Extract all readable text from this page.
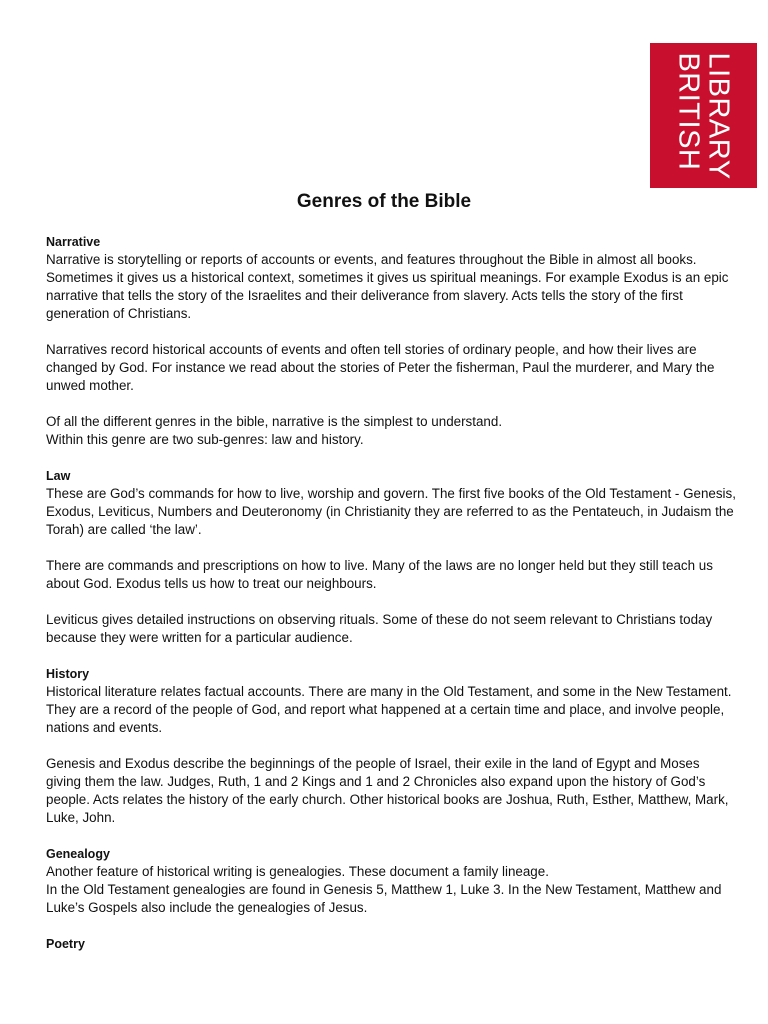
LIBRARY
BRITISH
Genres of the Bible

Narrative

Narrative is storytelling or reports of accounts or events, and features throughout the Bible in almost all books. Sometimes it gives us a historical context, sometimes it gives us spiritual meanings. For example Exodus is an epic narrative that tells the story of the Israelites and their deliverance from slavery. Acts tells the story of the first generation of Christians.

Narratives record historical accounts of events and often tell stories of ordinary people, and how their lives are changed by God. For instance we read about the stories of Peter the fisherman, Paul the murderer, and Mary the unwed mother.

Of all the different genres in the bible, narrative is the simplest to understand.

Within this genre are two sub-genres: law and history.

Law

These are God’s commands for how to live, worship and govern. The first five books of the Old Testament - Genesis, Exodus, Leviticus, Numbers and Deuteronomy (in Christianity they are referred to as the Pentateuch, in Judaism the Torah) are called ‘the law’.

There are commands and prescriptions on how to live. Many of the laws are no longer held but they still teach us about God. Exodus tells us how to treat our neighbours.

Leviticus gives detailed instructions on observing rituals. Some of these do not seem relevant to Christians today because they were written for a particular audience.

History

Historical literature relates factual accounts. There are many in the Old Testament, and some in the New Testament. They are a record of the people of God, and report what happened at a certain time and place, and involve people, nations and events.

Genesis and Exodus describe the beginnings of the people of Israel, their exile in the land of Egypt and Moses giving them the law. Judges, Ruth, 1 and 2 Kings and 1 and 2 Chronicles also expand upon the history of God’s people. Acts relates the history of the early church. Other historical books are Joshua, Ruth, Esther, Matthew, Mark, Luke, John.

Genealogy

Another feature of historical writing is genealogies. These document a family lineage.

In the Old Testament genealogies are found in Genesis 5, Matthew 1, Luke 3. In the New Testament, Matthew and Luke’s Gospels also include the genealogies of Jesus.

Poetry
